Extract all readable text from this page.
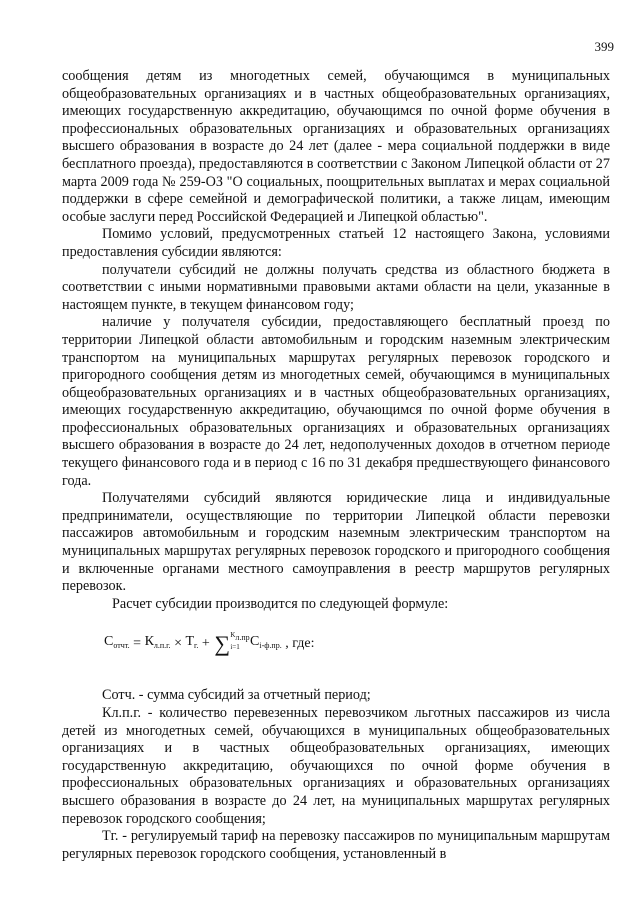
399

сообщения детям из многодетных семей, обучающимся в муниципальных общеобразовательных организациях и в частных общеобразовательных организациях, имеющих государственную аккредитацию, обучающимся по очной форме обучения в профессиональных образовательных организациях и образовательных организациях высшего образования в возрасте до 24 лет (далее - мера социальной поддержки в виде бесплатного проезда), предоставляются в соответствии с Законом Липецкой области от 27 марта 2009 года № 259-ОЗ "О социальных, поощрительных выплатах и мерах социальной поддержки в сфере семейной и демографической политики, а также лицам, имеющим особые заслуги перед Российской Федерацией и Липецкой областью".

Помимо условий, предусмотренных статьей 12 настоящего Закона, условиями предоставления субсидии являются:

получатели субсидий не должны получать средства из областного бюджета в соответствии с иными нормативными правовыми актами области на цели, указанные в настоящем пункте, в текущем финансовом году;

наличие у получателя субсидии, предоставляющего бесплатный проезд по территории Липецкой области автомобильным и городским наземным электрическим транспортом на муниципальных маршрутах регулярных перевозок городского и пригородного сообщения детям из многодетных семей, обучающимся в муниципальных общеобразовательных организациях и в частных общеобразовательных организациях, имеющих государственную аккредитацию, обучающимся по очной форме обучения в профессиональных образовательных организациях и образовательных организациях высшего образования в возрасте до 24 лет, недополученных доходов в отчетном периоде текущего финансового года и в период с 16 по 31 декабря предшествующего финансового года.

Получателями субсидий являются юридические лица и индивидуальные предприниматели, осуществляющие по территории Липецкой области перевозки пассажиров автомобильным и городским наземным электрическим транспортом на муниципальных маршрутах регулярных перевозок городского и пригородного сообщения и включенные органами местного самоуправления в реестр маршрутов регулярных перевозок.

Расчет субсидии производится по следующей формуле:

$С_{отчт.} = К_{л.п.г.} \times Т_{г.}$ + ∑ $K_{л.пр}$
i=1 $С_{i-ф.пр.}$ , где:

Сотч. - сумма субсидий за отчетный период;

Кл.п.г. - количество перевезенных перевозчиком льготных пассажиров из числа детей из многодетных семей, обучающихся в муниципальных общеобразовательных организациях и в частных общеобразовательных организациях, имеющих государственную аккредитацию, обучающихся по очной форме обучения в профессиональных образовательных организациях и образовательных организациях высшего образования в возрасте до 24 лет, на муниципальных маршрутах регулярных перевозок городского сообщения;

Тг. - регулируемый тариф на перевозку пассажиров по муниципальным маршрутам регулярных перевозок городского сообщения, установленный в
